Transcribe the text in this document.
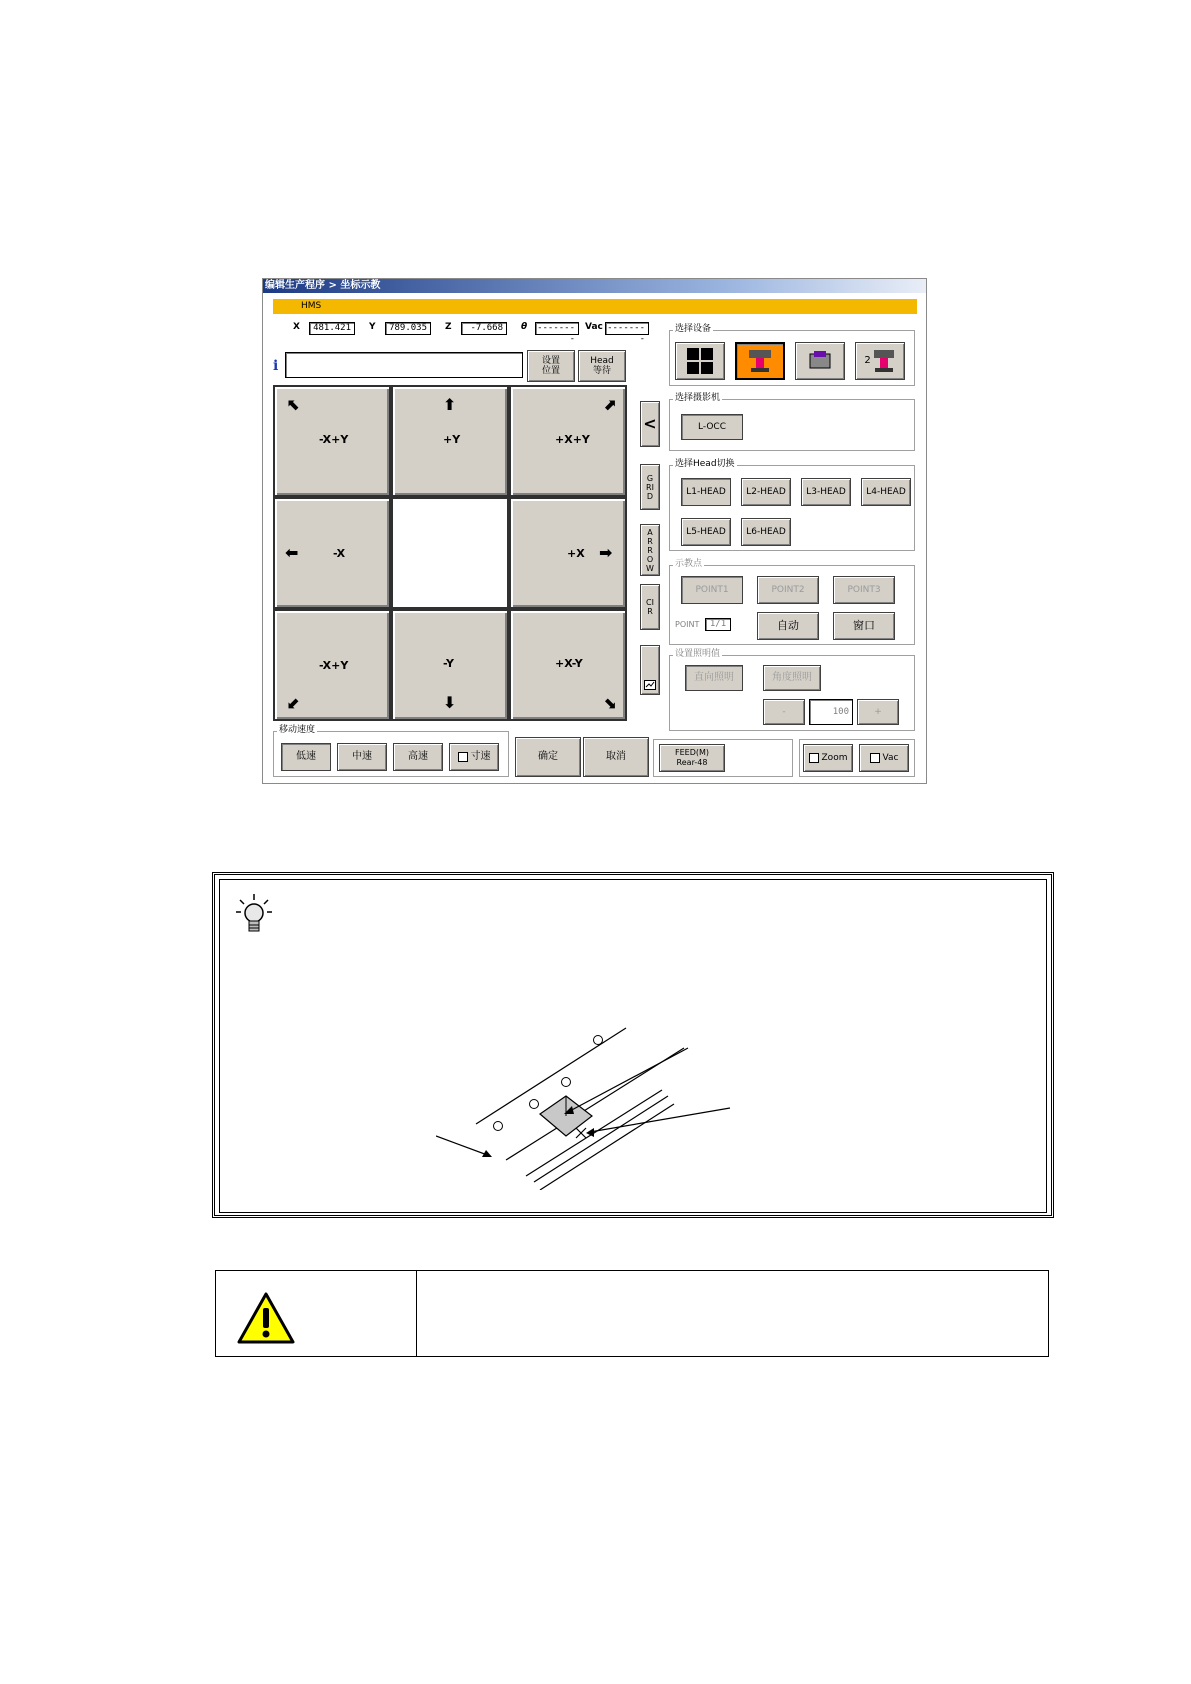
编辑生产程序 > 坐标示教
HMS
X	481.421	Y	789.035	Z	-7.668	θ --------
Vac --------
i	设置
位置
Head
等待
⬉
-X+Y
⬆
+Y
⬈
+X+Y
⬅	-X	+X ➡
-X+Y
⬋
-Y
⬇
+X-Y
⬊
<
GRID
ARROW
CIR
选择设备
2
选择摄影机
L-OCC
选择Head切换
L1-HEAD	L2-HEAD	L3-HEAD	L4-HEAD
L5-HEAD	L6-HEAD
示教点
POINT1	POINT2	POINT3
POINT	1/1	自动	窗口
设置照明值
直向照明	角度照明
-	100	+
移动速度
低速	中速	高速	寸速	确定	取消	FEED(M)
Rear-48	Zoom	Vac
